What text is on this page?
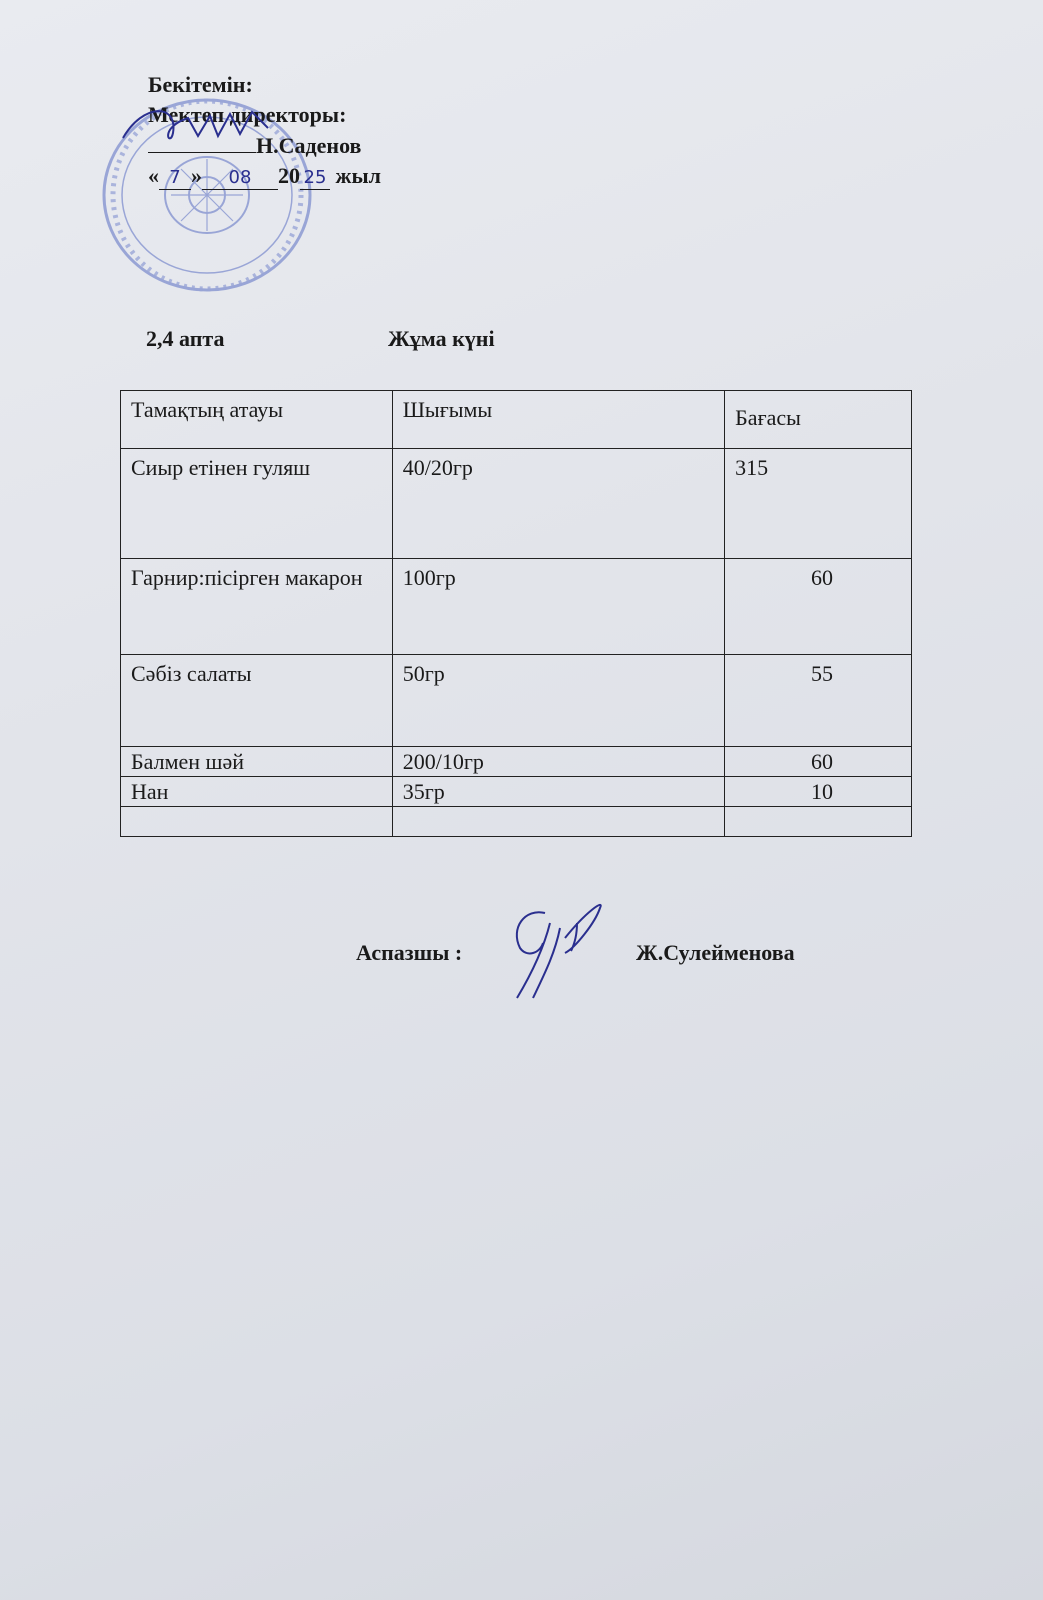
Бекітемін:
Мектеп директоры:
Н.Саденов
« 7 » 08 20 25 жыл
2,4 апта	Жұма күні
Тамақтың атауы	Шығымы	Бағасы
Сиыр етінен гуляш	40/20гр	315
Гарнир:пісірген макарон	100гр	60
Сәбіз салаты	50гр	55
Балмен шәй	200/10гр	60
Нан	35гр	10

Аспазшы :	Ж.Сулейменова
